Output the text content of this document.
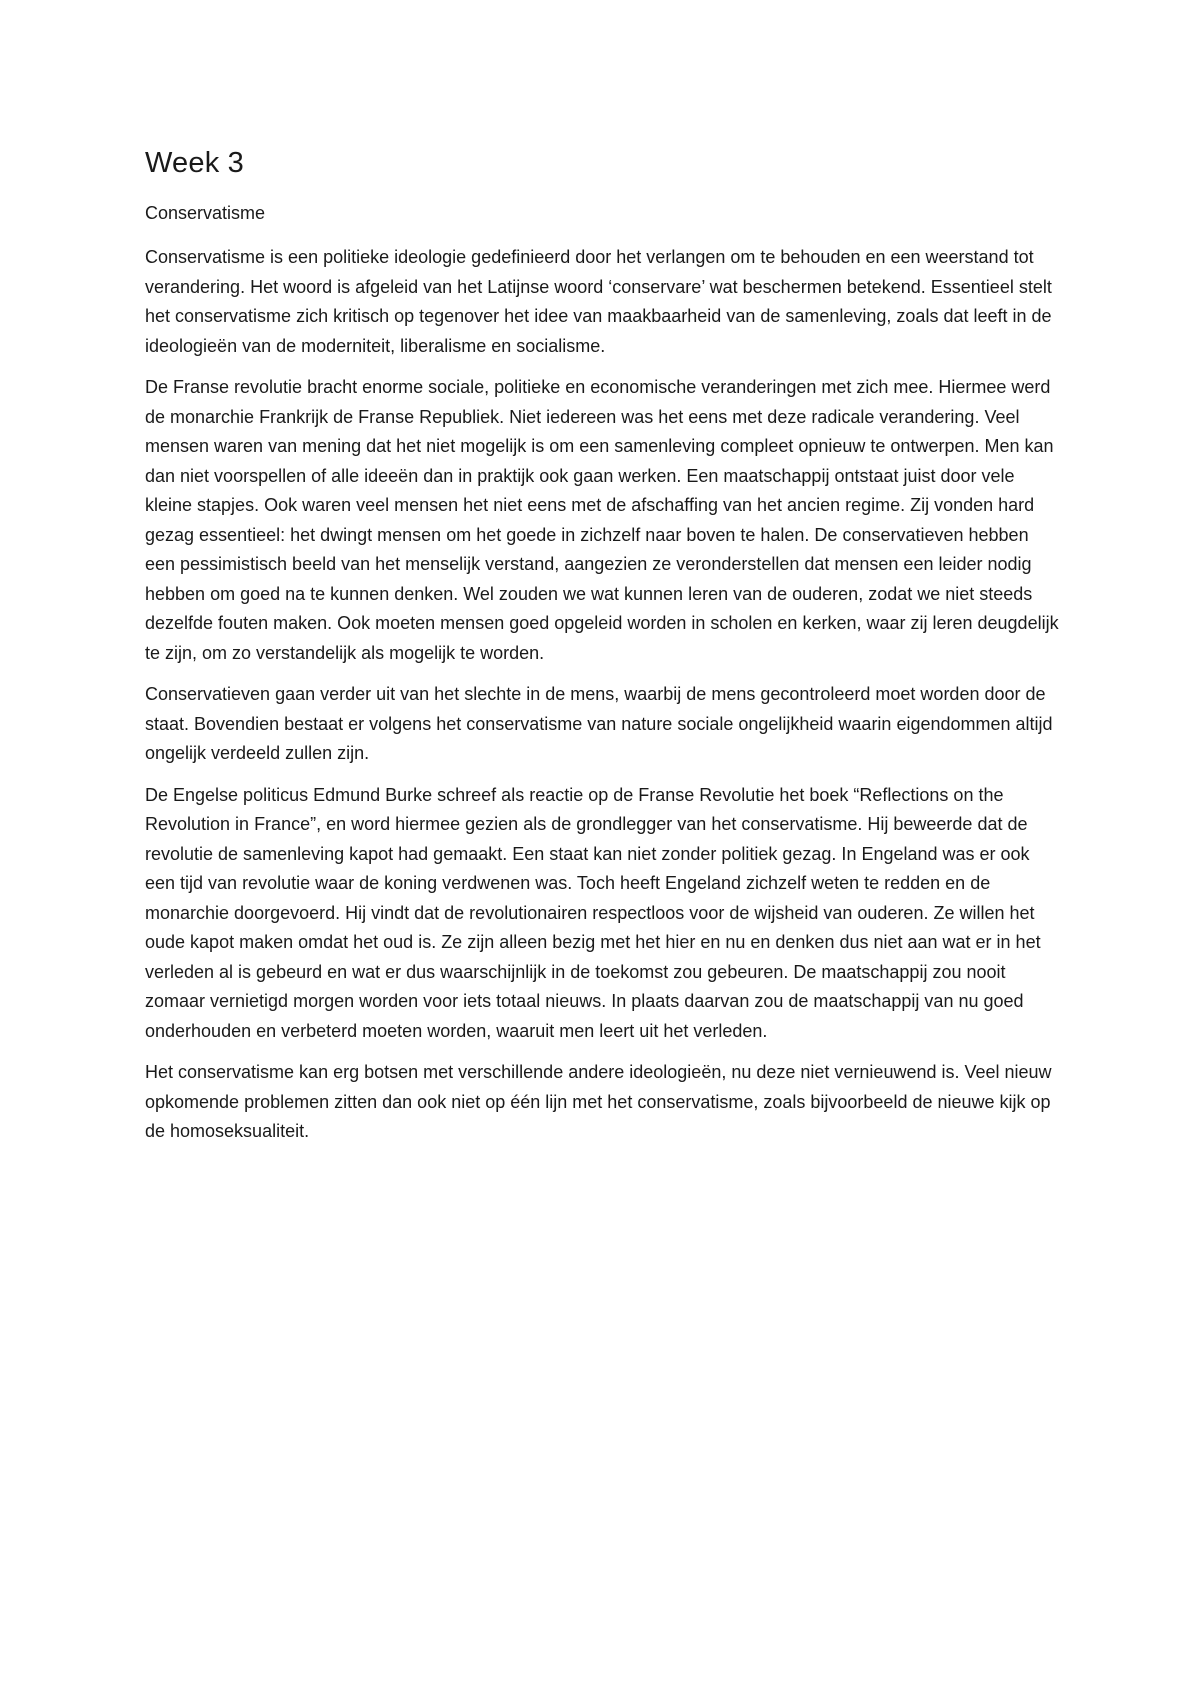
Week 3

Conservatisme

Conservatisme is een politieke ideologie gedefinieerd door het verlangen om te behouden en een weerstand tot verandering. Het woord is afgeleid van het Latijnse woord ‘conservare’ wat beschermen betekend. Essentieel stelt het conservatisme zich kritisch op tegenover het idee van maakbaarheid van de samenleving, zoals dat leeft in de ideologieën van de moderniteit, liberalisme en socialisme.

De Franse revolutie bracht enorme sociale, politieke en economische veranderingen met zich mee. Hiermee werd de monarchie Frankrijk de Franse Republiek. Niet iedereen was het eens met deze radicale verandering. Veel mensen waren van mening dat het niet mogelijk is om een samenleving compleet opnieuw te ontwerpen. Men kan dan niet voorspellen of alle ideeën dan in praktijk ook gaan werken. Een maatschappij ontstaat juist door vele kleine stapjes. Ook waren veel mensen het niet eens met de afschaffing van het ancien regime. Zij vonden hard gezag essentieel: het dwingt mensen om het goede in zichzelf naar boven te halen. De conservatieven hebben een pessimistisch beeld van het menselijk verstand, aangezien ze veronderstellen dat mensen een leider nodig hebben om goed na te kunnen denken. Wel zouden we wat kunnen leren van de ouderen, zodat we niet steeds dezelfde fouten maken. Ook moeten mensen goed opgeleid worden in scholen en kerken, waar zij leren deugdelijk te zijn, om zo verstandelijk als mogelijk te worden.

Conservatieven gaan verder uit van het slechte in de mens, waarbij de mens gecontroleerd moet worden door de staat. Bovendien bestaat er volgens het conservatisme van nature sociale ongelijkheid waarin eigendommen altijd ongelijk verdeeld zullen zijn.

De Engelse politicus Edmund Burke schreef als reactie op de Franse Revolutie het boek “Reflections on the Revolution in France”, en word hiermee gezien als de grondlegger van het conservatisme. Hij beweerde dat de revolutie de samenleving kapot had gemaakt. Een staat kan niet zonder politiek gezag. In Engeland was er ook een tijd van revolutie waar de koning verdwenen was. Toch heeft Engeland zichzelf weten te redden en de monarchie doorgevoerd. Hij vindt dat de revolutionairen respectloos voor de wijsheid van ouderen. Ze willen het oude kapot maken omdat het oud is. Ze zijn alleen bezig met het hier en nu en denken dus niet aan wat er in het verleden al is gebeurd en wat er dus waarschijnlijk in de toekomst zou gebeuren. De maatschappij zou nooit zomaar vernietigd morgen worden voor iets totaal nieuws. In plaats daarvan zou de maatschappij van nu goed onderhouden en verbeterd moeten worden, waaruit men leert uit het verleden.

Het conservatisme kan erg botsen met verschillende andere ideologieën, nu deze niet vernieuwend is. Veel nieuw opkomende problemen zitten dan ook niet op één lijn met het conservatisme, zoals bijvoorbeeld de nieuwe kijk op de homoseksualiteit.
